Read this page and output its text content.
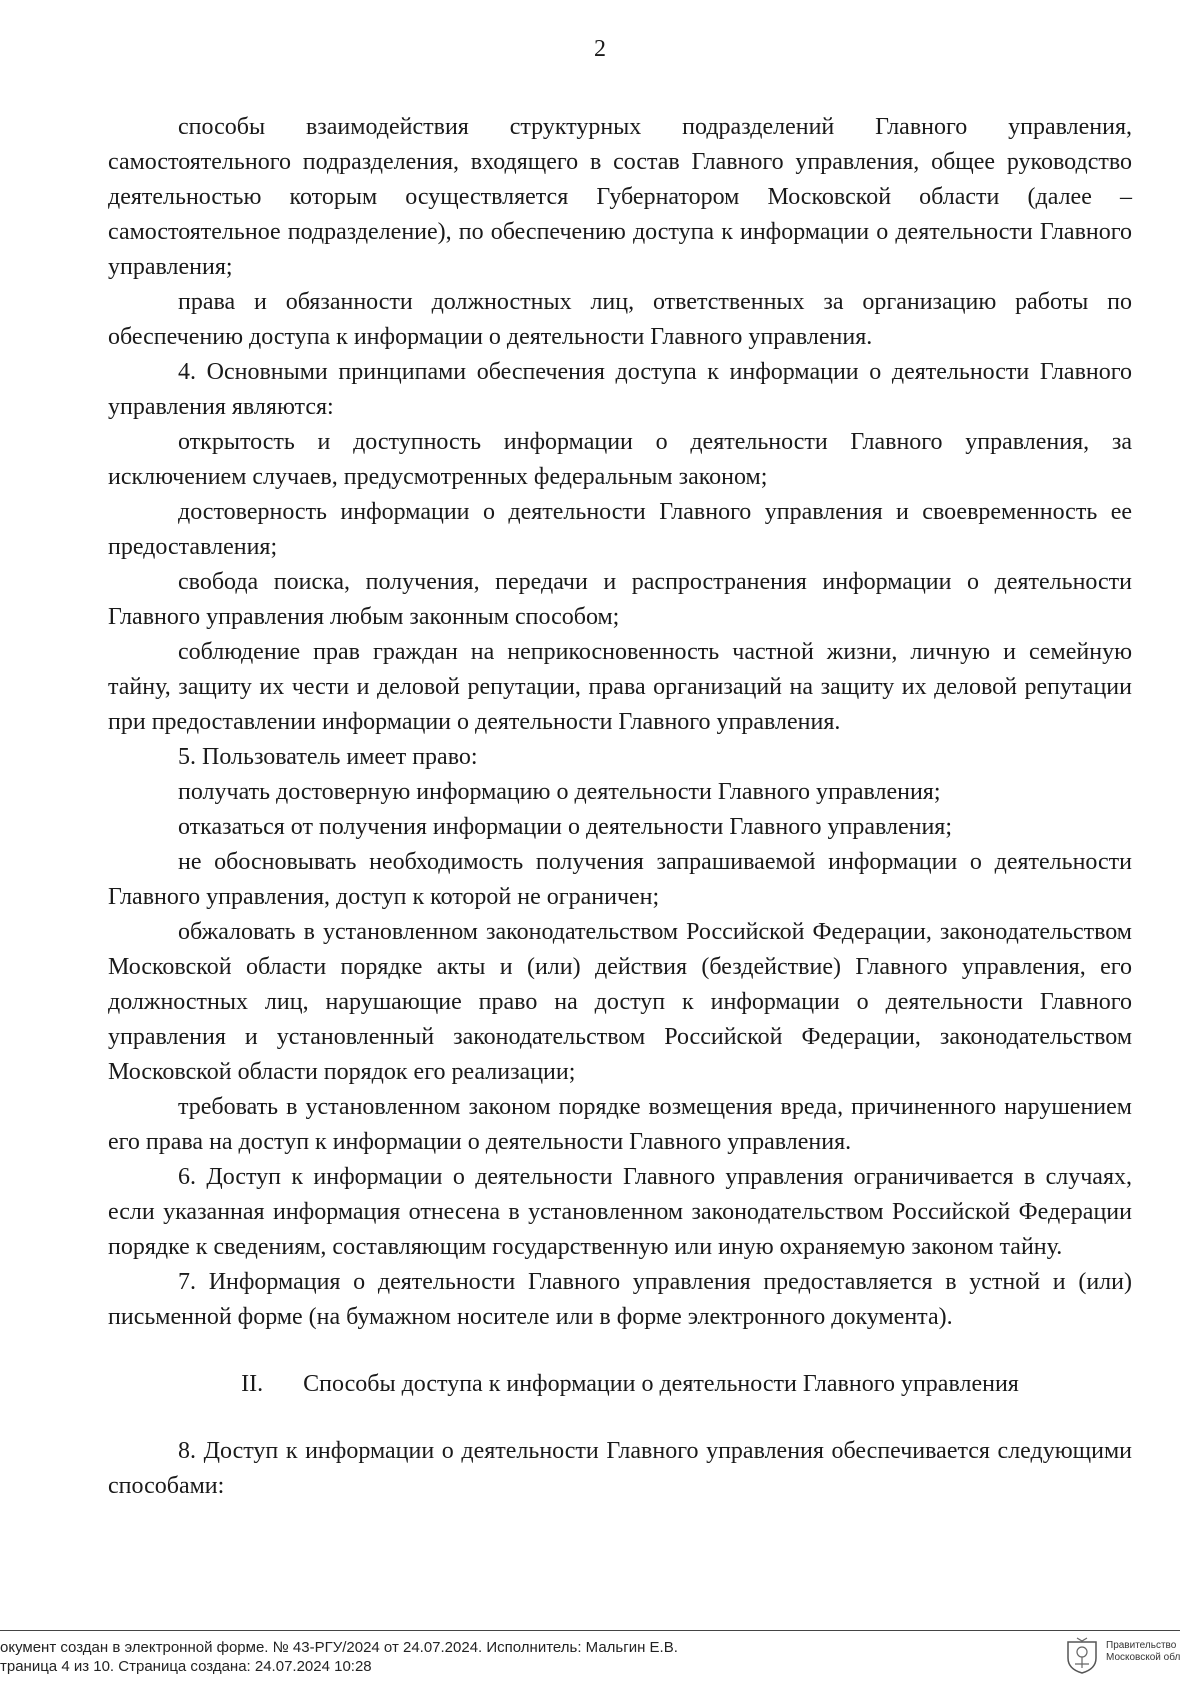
2

способы взаимодействия структурных подразделений Главного управления, самостоятельного подразделения, входящего в состав Главного управления, общее руководство деятельностью которым осуществляется Губернатором Московской области (далее – самостоятельное подразделение), по обеспечению доступа к информации о деятельности Главного управления;

права и обязанности должностных лиц, ответственных за организацию работы по обеспечению доступа к информации о деятельности Главного управления.

4. Основными принципами обеспечения доступа к информации о деятельности Главного управления являются:

открытость и доступность информации о деятельности Главного управления, за исключением случаев, предусмотренных федеральным законом;

достоверность информации о деятельности Главного управления и своевременность ее предоставления;

свобода поиска, получения, передачи и распространения информации о деятельности Главного управления любым законным способом;

соблюдение прав граждан на неприкосновенность частной жизни, личную и семейную тайну, защиту их чести и деловой репутации, права организаций на защиту их деловой репутации при предоставлении информации о деятельности Главного управления.

5. Пользователь имеет право:

получать достоверную информацию о деятельности Главного управления;

отказаться от получения информации о деятельности Главного управления;

не обосновывать необходимость получения запрашиваемой информации о деятельности Главного управления, доступ к которой не ограничен;

обжаловать в установленном законодательством Российской Федерации, законодательством Московской области порядке акты и (или) действия (бездействие) Главного управления, его должностных лиц, нарушающие право на доступ к информации о деятельности Главного управления и установленный законодательством Российской Федерации, законодательством Московской области порядок его реализации;

требовать в установленном законом порядке возмещения вреда, причиненного нарушением его права на доступ к информации о деятельности Главного управления.

6. Доступ к информации о деятельности Главного управления ограничивается в случаях, если указанная информация отнесена в установленном законодательством Российской Федерации порядке к сведениям, составляющим государственную или иную охраняемую законом тайну.

7. Информация о деятельности Главного управления предоставляется в устной и (или) письменной форме (на бумажном носителе или в форме электронного документа).

II. Способы доступа к информации о деятельности Главного управления

8. Доступ к информации о деятельности Главного управления обеспечивается следующими способами:

окумент создан в электронной форме. № 43-РГУ/2024 от 24.07.2024. Исполнитель: Мальгин Е.В.
траница 4 из 10. Страница создана: 24.07.2024 10:28
Правительство
Московской обл
